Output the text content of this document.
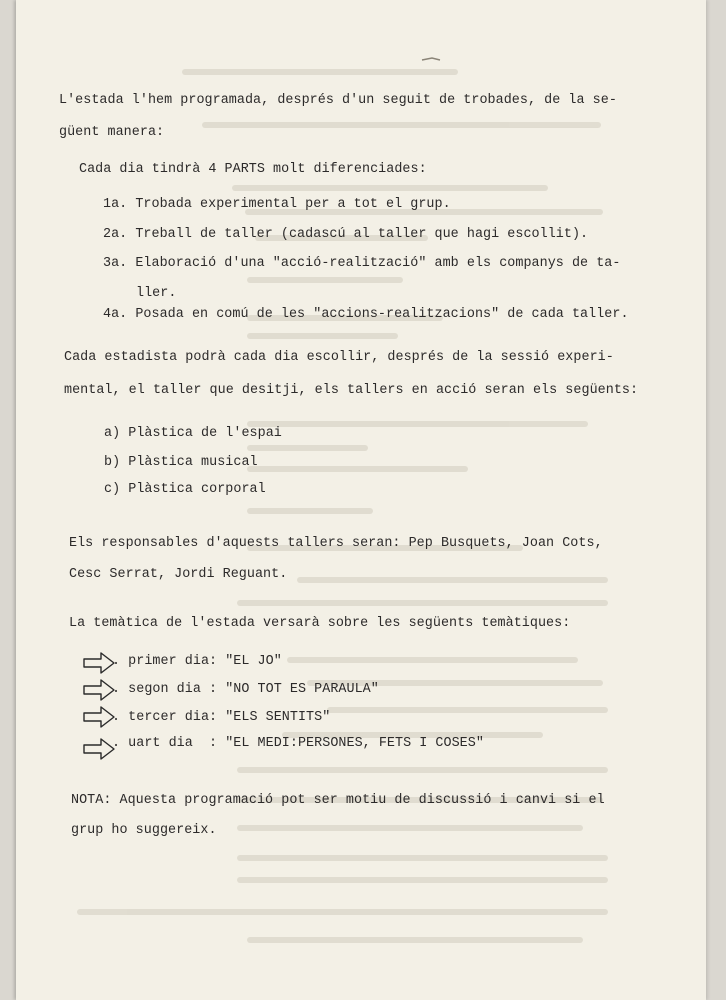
L'estada l'hem programada, després d'un seguit de trobades, de la se-

güent manera:

Cada dia tindrà 4 PARTS molt diferenciades:

1a. Trobada experimental per a tot el grup.

2a. Treball de taller (cadascú al taller que hagi escollit).

3a. Elaboració d'una "acció-realització" amb els companys de ta-

ller.

4a. Posada en comú de les "accions-realitzacions" de cada taller.

Cada estadista podrà cada dia escollir, després de la sessió experi-

mental, el taller que desitji, els tallers en acció seran els següents:

a) Plàstica de l'espai

b) Plàstica musical

c) Plàstica corporal

Els responsables d'aquests tallers seran: Pep Busquets, Joan Cots,

Cesc Serrat, Jordi Reguant.

La temàtica de l'estada versarà sobre les següents temàtiques:

. primer dia: "EL JO"

. segon dia : "NO TOT ES PARAULA"

. tercer dia: "ELS SENTITS"

. uart dia  : "EL MEDI:PERSONES, FETS I COSES"

NOTA: Aquesta programació pot ser motiu de discussió i canvi si el

grup ho suggereix.
